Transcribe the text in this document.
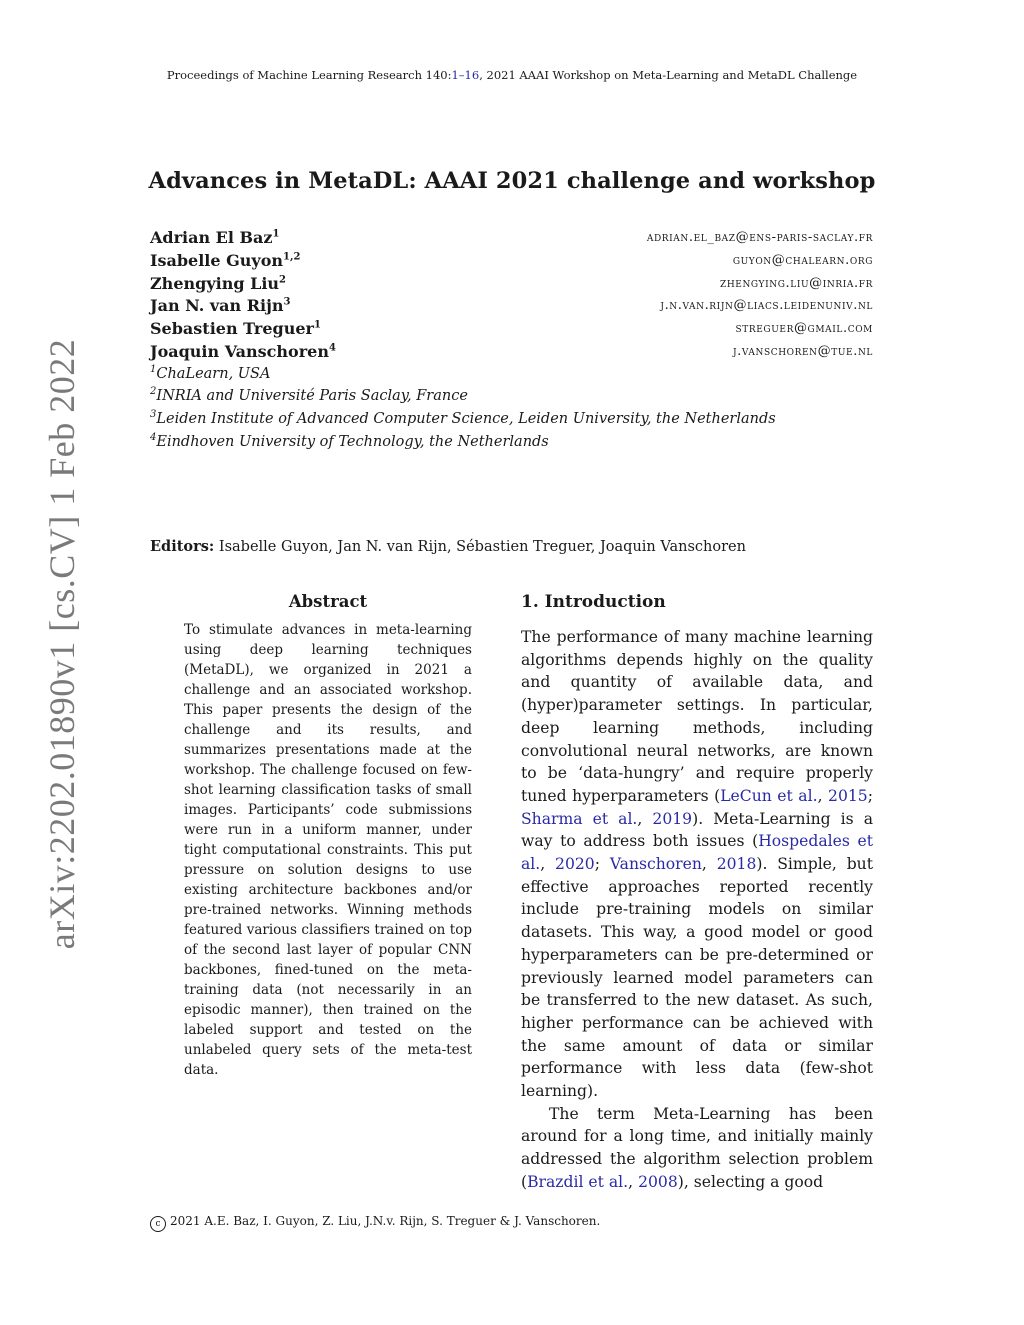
arXiv:2202.01890v1 [cs.CV] 1 Feb 2022
Proceedings of Machine Learning Research 140:1–16, 2021 AAAI Workshop on Meta-Learning and MetaDL Challenge
Advances in MetaDL: AAAI 2021 challenge and workshop
Adrian El Baz$^1$	adrian.el_baz@ens-paris-saclay.fr
Isabelle Guyon$^{1,2}$	guyon@chalearn.org
Zhengying Liu$^2$	zhengying.liu@inria.fr
Jan N. van Rijn$^3$	j.n.van.rijn@liacs.leidenuniv.nl
Sebastien Treguer$^1$	streguer@gmail.com
Joaquin Vanschoren$^4$	j.vanschoren@tue.nl
$^1$ChaLearn, USA
$^2$INRIA and Université Paris Saclay, France
$^3$Leiden Institute of Advanced Computer Science, Leiden University, the Netherlands
$^4$Eindhoven University of Technology, the Netherlands
Editors: Isabelle Guyon, Jan N. van Rijn, Sébastien Treguer, Joaquin Vanschoren
Abstract
To stimulate advances in meta-learning using deep learning techniques (MetaDL), we organized in 2021 a challenge and an associated workshop. This paper presents the design of the challenge and its results, and summarizes presentations made at the workshop. The challenge focused on few-shot learning classification tasks of small images. Participants’ code submissions were run in a uniform manner, under tight computational constraints. This put pressure on solution designs to use existing architecture backbones and/or pre-trained networks. Winning methods featured various classifiers trained on top of the second last layer of popular CNN backbones, fined-tuned on the meta-training data (not necessarily in an episodic manner), then trained on the labeled support and tested on the unlabeled query sets of the meta-test data.
1. Introduction

The performance of many machine learning algorithms depends highly on the quality and quantity of available data, and (hyper)parameter settings. In particular, deep learning methods, including convolutional neural networks, are known to be ‘data-hungry’ and require properly tuned hyperparameters (LeCun et al., 2015; Sharma et al., 2019). Meta-Learning is a way to address both issues (Hospedales et al., 2020; Vanschoren, 2018). Simple, but effective approaches reported recently include pre-training models on similar datasets. This way, a good model or good hyperparameters can be pre-determined or previously learned model parameters can be transferred to the new dataset. As such, higher performance can be achieved with the same amount of data or similar performance with less data (few-shot learning).

The term Meta-Learning has been around for a long time, and initially mainly addressed the algorithm selection problem (Brazdil et al., 2008), selecting a good

c 2021 A.E. Baz, I. Guyon, Z. Liu, J.N.v. Rijn, S. Treguer & J. Vanschoren.
